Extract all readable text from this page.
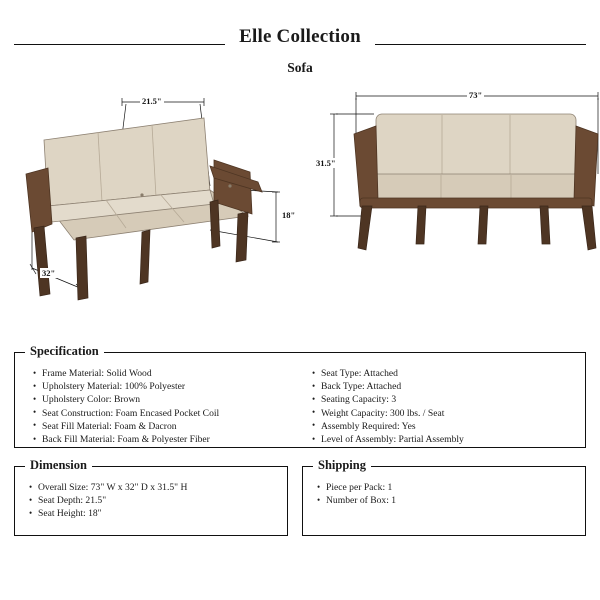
Elle Collection
Sofa
21.5"
18"
32"
73"
31.5"
Specification
• Frame Material: Solid Wood
• Upholstery Material: 100% Polyester
• Upholstery Color: Brown
• Seat Construction: Foam Encased Pocket Coil
• Seat Fill Material: Foam & Dacron
• Back Fill Material: Foam & Polyester Fiber
• Seat Type: Attached
• Back Type: Attached
• Seating Capacity: 3
• Weight Capacity: 300 lbs. / Seat
• Assembly Required: Yes
• Level of Assembly: Partial Assembly
Dimension
• Overall Size: 73" W x 32" D x 31.5" H
• Seat Depth: 21.5"
• Seat Height: 18"
Shipping
• Piece per Pack: 1
• Number of Box: 1
